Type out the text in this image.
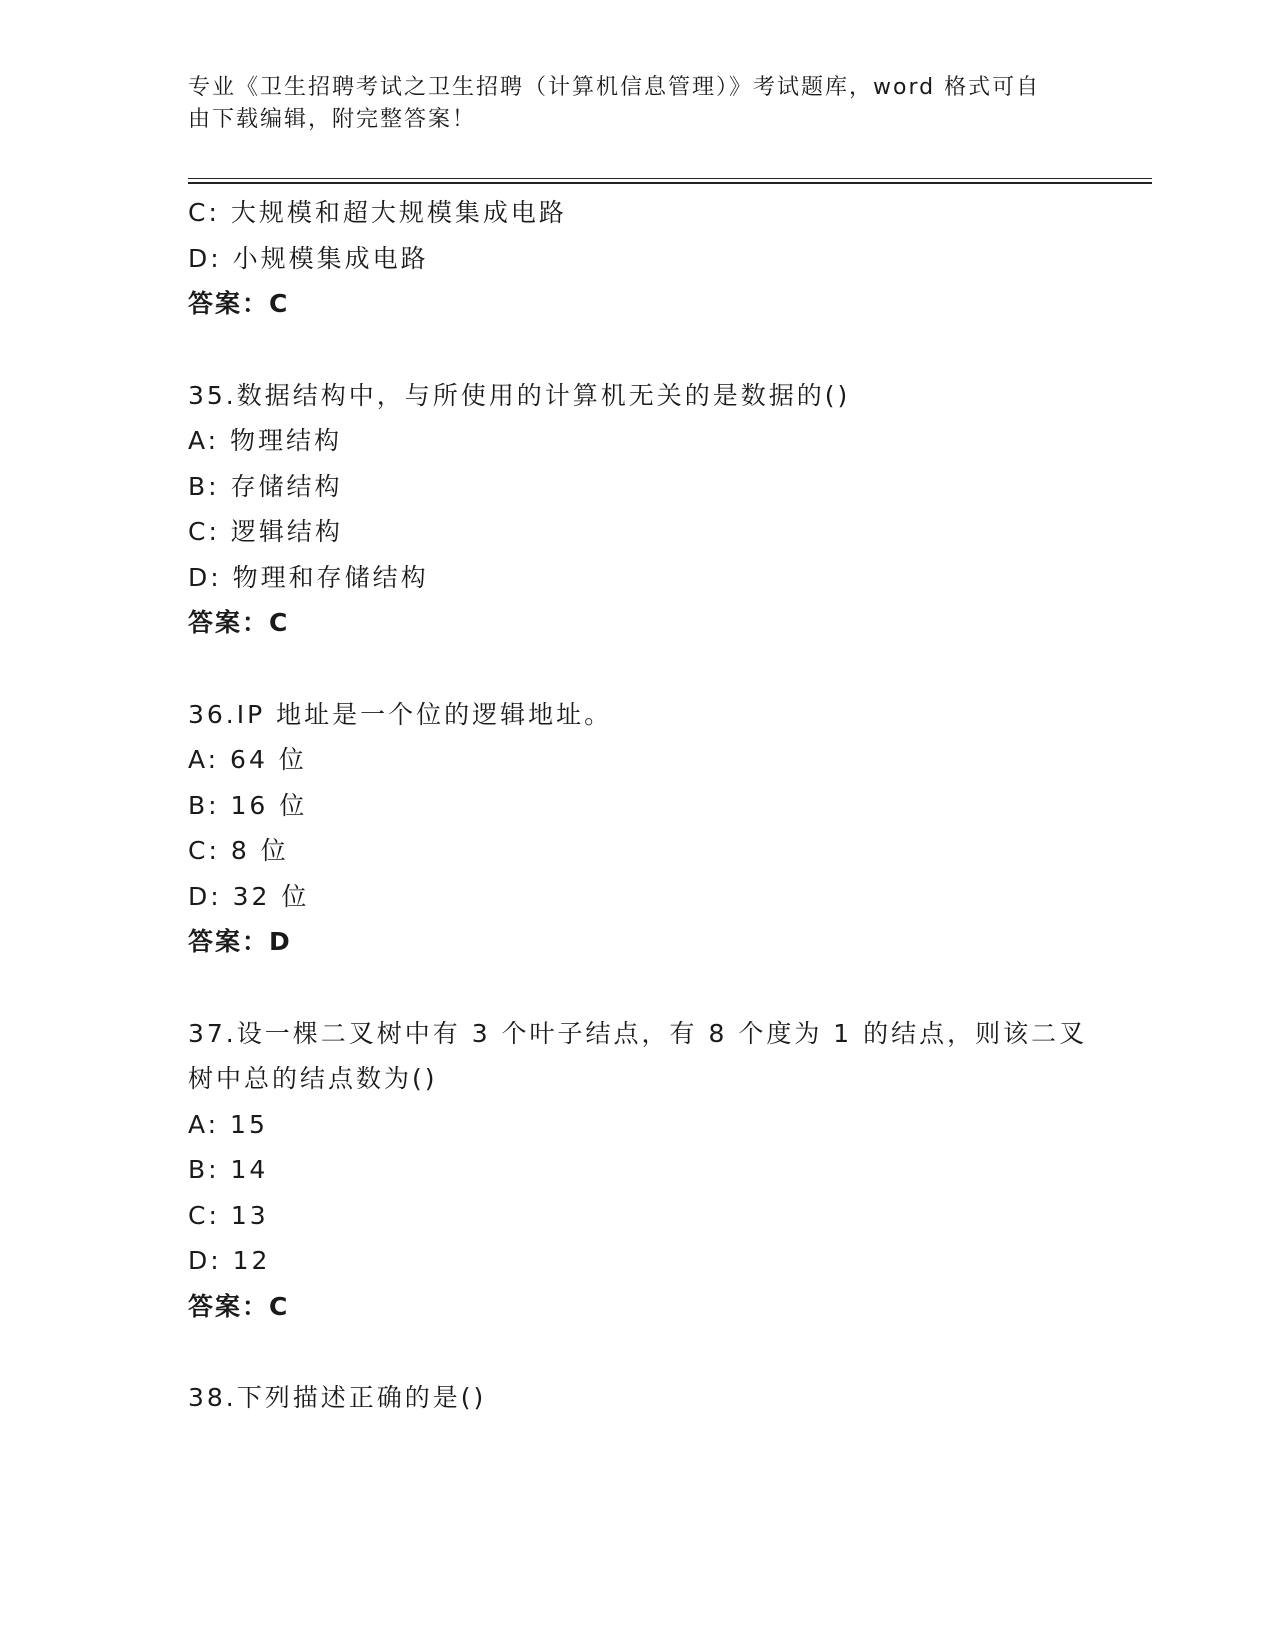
专业《卫生招聘考试之卫生招聘（计算机信息管理）》考试题库，word 格式可自
由下载编辑，附完整答案！
C: 大规模和超大规模集成电路
D: 小规模集成电路
答案：C
35.数据结构中，与所使用的计算机无关的是数据的()
A: 物理结构
B: 存储结构
C: 逻辑结构
D: 物理和存储结构
答案：C
36.IP 地址是一个位的逻辑地址。
A: 64 位
B: 16 位
C: 8 位
D: 32 位
答案：D
37.设一棵二叉树中有 3 个叶子结点，有 8 个度为 1 的结点，则该二叉
树中总的结点数为()
A: 15
B: 14
C: 13
D: 12
答案：C
38.下列描述正确的是()
